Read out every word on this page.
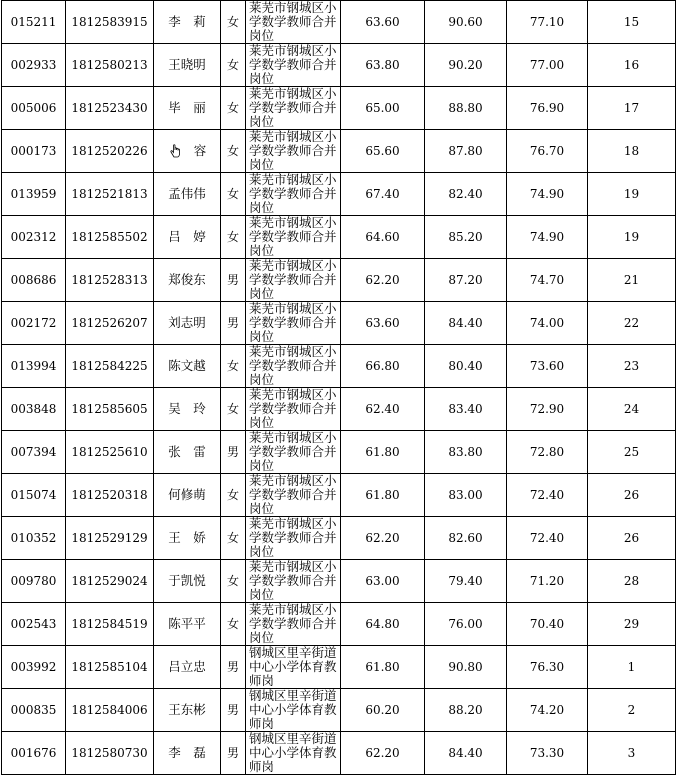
015211	1812583915	李　莉	女	莱芜市钢城区小学数学教师合并岗位	63.60	90.60	77.10	15
002933	1812580213	王晓明	女	莱芜市钢城区小学数学教师合并岗位	63.80	90.20	77.00	16
005006	1812523430	毕　丽	女	莱芜市钢城区小学数学教师合并岗位	65.00	88.80	76.90	17
000173	1812520226	容	女	莱芜市钢城区小学数学教师合并岗位	65.60	87.80	76.70	18
013959	1812521813	孟伟伟	女	莱芜市钢城区小学数学教师合并岗位	67.40	82.40	74.90	19
002312	1812585502	吕　婷	女	莱芜市钢城区小学数学教师合并岗位	64.60	85.20	74.90	19
008686	1812528313	郑俊东	男	莱芜市钢城区小学数学教师合并岗位	62.20	87.20	74.70	21
002172	1812526207	刘志明	男	莱芜市钢城区小学数学教师合并岗位	63.60	84.40	74.00	22
013994	1812584225	陈文越	女	莱芜市钢城区小学数学教师合并岗位	66.80	80.40	73.60	23
003848	1812585605	吴　玲	女	莱芜市钢城区小学数学教师合并岗位	62.40	83.40	72.90	24
007394	1812525610	张　雷	男	莱芜市钢城区小学数学教师合并岗位	61.80	83.80	72.80	25
015074	1812520318	何修萌	女	莱芜市钢城区小学数学教师合并岗位	61.80	83.00	72.40	26
010352	1812529129	王　娇	女	莱芜市钢城区小学数学教师合并岗位	62.20	82.60	72.40	26
009780	1812529024	于凯悦	女	莱芜市钢城区小学数学教师合并岗位	63.00	79.40	71.20	28
002543	1812584519	陈平平	女	莱芜市钢城区小学数学教师合并岗位	64.80	76.00	70.40	29
003992	1812585104	吕立忠	男	钢城区里辛街道中心小学体育教师岗	61.80	90.80	76.30	1
000835	1812584006	王东彬	男	钢城区里辛街道中心小学体育教师岗	60.20	88.20	74.20	2
001676	1812580730	李　磊	男	钢城区里辛街道中心小学体育教师岗	62.20	84.40	73.30	3
